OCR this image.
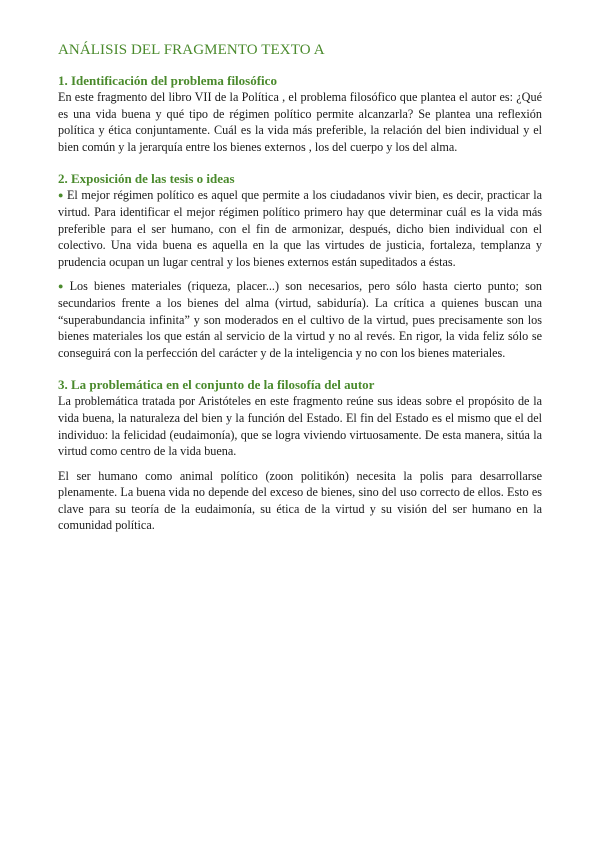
ANÁLISIS DEL FRAGMENTO TEXTO A
1. Identificación del problema filosófico

En este fragmento del libro VII de la Política , el problema filosófico que plantea el autor es: ¿Qué es una vida buena y qué tipo de régimen político permite alcanzarla? Se plantea una reflexión política y ética conjuntamente. Cuál es la vida más preferible, la relación del bien individual y el bien común y la jerarquía entre los bienes externos , los del cuerpo y los del alma.

2. Exposición de las tesis o ideas

● El mejor régimen político es aquel que permite a los ciudadanos vivir bien, es decir, practicar la virtud. Para identificar el mejor régimen político primero hay que determinar cuál es la vida más preferible para el ser humano, con el fin de armonizar, después, dicho bien individual con el colectivo. Una vida buena es aquella en la que las virtudes de justicia, fortaleza, templanza y prudencia ocupan un lugar central y los bienes externos están supeditados a éstas.

● Los bienes materiales (riqueza, placer...) son necesarios, pero sólo hasta cierto punto; son secundarios frente a los bienes del alma (virtud, sabiduría). La crítica a quienes buscan una “superabundancia infinita” y son moderados en el cultivo de la virtud, pues precisamente son los bienes materiales los que están al servicio de la virtud y no al revés. En rigor, la vida feliz sólo se conseguirá con la perfección del carácter y de la inteligencia y no con los bienes materiales.

3. La problemática en el conjunto de la filosofía del autor

La problemática tratada por Aristóteles en este fragmento reúne sus ideas sobre el propósito de la vida buena, la naturaleza del bien y la función del Estado. El fin del Estado es el mismo que el del individuo: la felicidad (eudaimonía), que se logra viviendo virtuosamente. De esta manera, sitúa la virtud como centro de la vida buena.

El ser humano como animal político (zoon politikón) necesita la polis para desarrollarse plenamente. La buena vida no depende del exceso de bienes, sino del uso correcto de ellos. Esto es clave para su teoría de la eudaimonía, su ética de la virtud y su visión del ser humano en la comunidad política.
